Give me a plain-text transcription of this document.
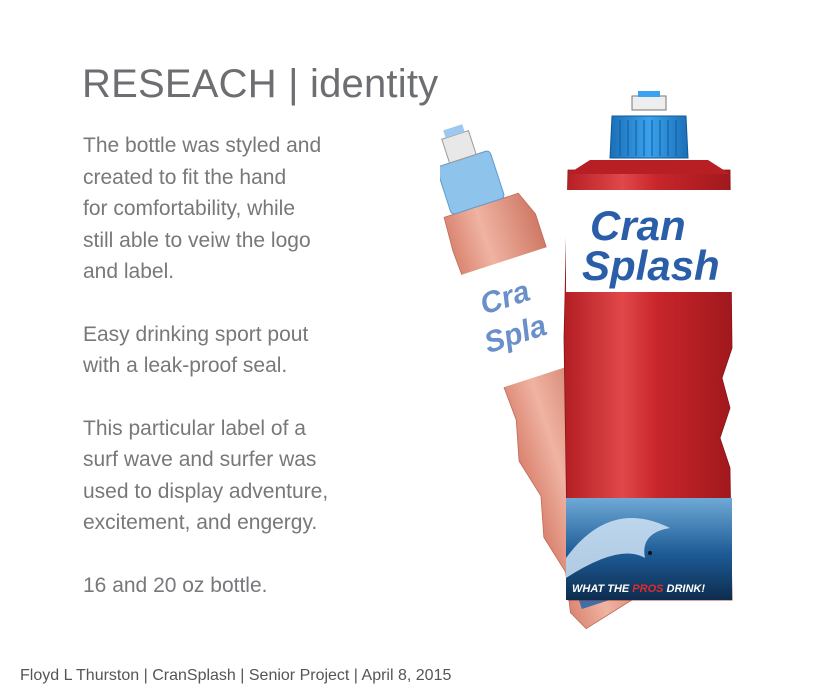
RESEACH | identity

The bottle was styled and
created to fit the hand
for comfortability, while
still able to veiw the logo
and label.

Easy drinking sport pout
with a leak-proof seal.

This particular label of a
surf wave and surfer was
used to display adventure,
excitement, and engergy.

16 and 20 oz bottle.

Cra
Spla
Cran
Splash
WHAT THE PROS DRINK!
Floyd L Thurston | CranSplash | Senior Project | April 8, 2015
